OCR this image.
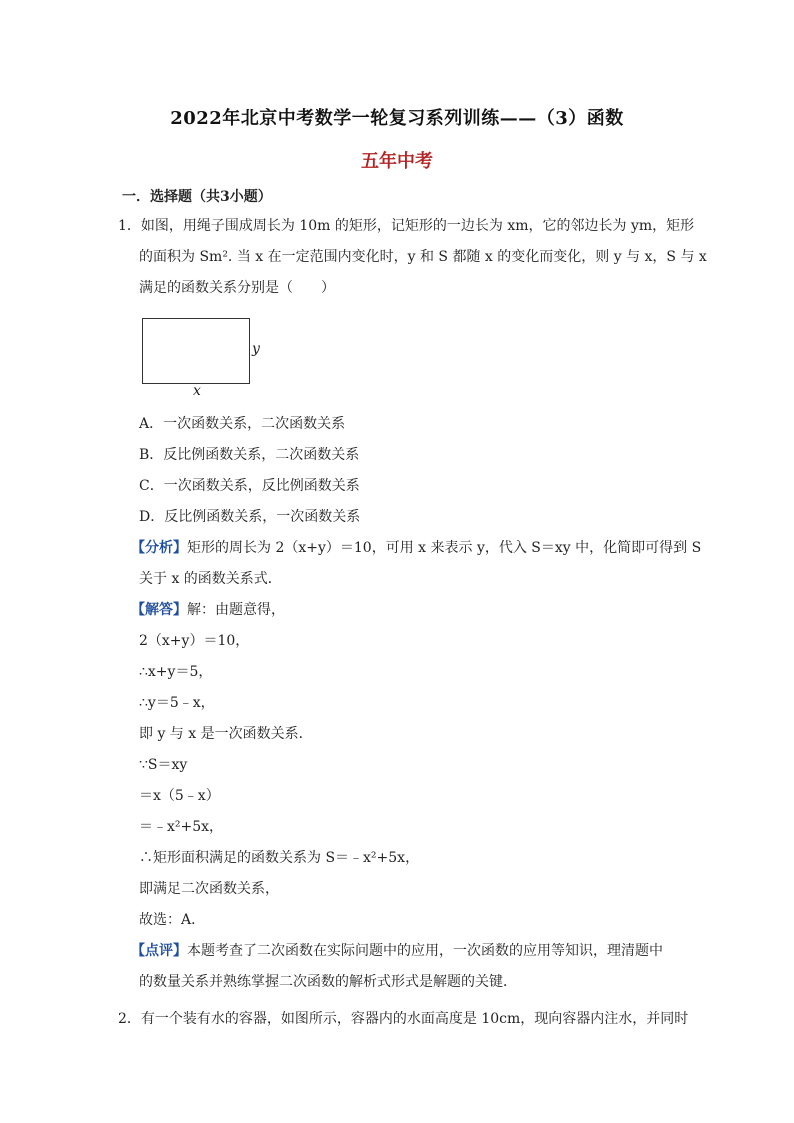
2022年北京中考数学一轮复习系列训练——（3）函数
五年中考
一．选择题（共3小题）
1．如图，用绳子围成周长为 10m 的矩形，记矩形的一边长为 xm，它的邻边长为 ym，矩形
的面积为 Sm². 当 x 在一定范围内变化时，y 和 S 都随 x 的变化而变化，则 y 与 x，S 与 x
满足的函数关系分别是（　　）
y
x
A．一次函数关系，二次函数关系
B．反比例函数关系，二次函数关系
C．一次函数关系，反比例函数关系
D．反比例函数关系，一次函数关系
【分析】矩形的周长为 2（x+y）＝10，可用 x 来表示 y，代入 S＝xy 中，化简即可得到 S
关于 x 的函数关系式．
【解答】解：由题意得，
2（x+y）＝10，
∴x+y＝5，
∴y＝5﹣x，
即 y 与 x 是一次函数关系．
∵S＝xy
＝x（5﹣x）
＝﹣x²+5x，
∴矩形面积满足的函数关系为 S＝﹣x²+5x，
即满足二次函数关系，
故选：A．
【点评】本题考查了二次函数在实际问题中的应用，一次函数的应用等知识，理清题中
的数量关系并熟练掌握二次函数的解析式形式是解题的关键．
2．有一个装有水的容器，如图所示，容器内的水面高度是 10cm，现向容器内注水，并同时
